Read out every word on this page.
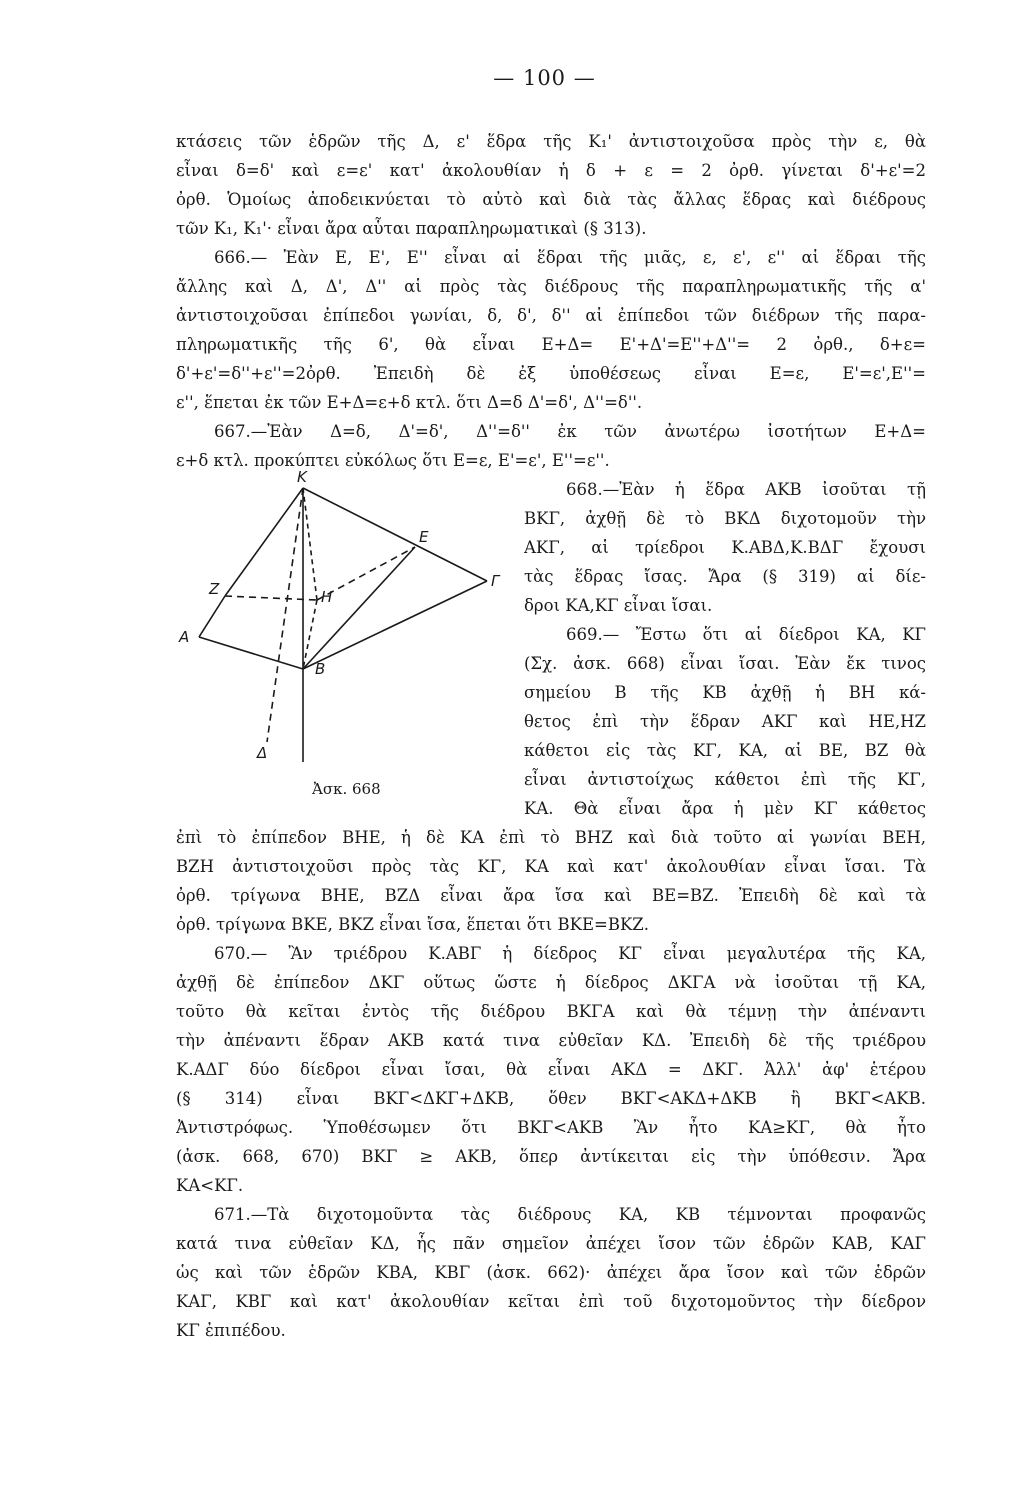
— 100 —
κτάσεις τῶν ἑδρῶν τῆς Δ, ε' ἕδρα τῆς Κ₁' ἀντιστοιχοῦσα πρὸς τὴν ε, θὰ
εἶναι δ=δ' καὶ ε=ε' κατ' ἀκολουθίαν ἡ δ + ε = 2 ὀρθ. γίνεται δ'+ε'=2
ὀρθ. Ὁμοίως ἀποδεικνύεται τὸ αὐτὸ καὶ διὰ τὰς ἄλλας ἕδρας καὶ διέδρους
τῶν Κ₁, Κ₁'· εἶναι ἄρα αὗται παραπληρωματικαὶ (§ 313).
666.— Ἐὰν Ε, Ε', Ε'' εἶναι αἱ ἕδραι τῆς μιᾶς, ε, ε', ε'' αἱ ἕδραι τῆς
ἄλλης καὶ Δ, Δ', Δ'' αἱ πρὸς τὰς διέδρους τῆς παραπληρωματικῆς τῆς α'
ἀντιστοιχοῦσαι ἐπίπεδοι γωνίαι, δ, δ', δ'' αἱ ἐπίπεδοι τῶν διέδρων τῆς παρα-
πληρωματικῆς τῆς 6', θὰ εἶναι Ε+Δ= Ε'+Δ'=Ε''+Δ''= 2 ὀρθ., δ+ε=
δ'+ε'=δ''+ε''=2ὀρθ. Ἐπειδὴ δὲ ἐξ ὑποθέσεως εἶναι Ε=ε, Ε'=ε',Ε''=
ε'', ἕπεται ἐκ τῶν Ε+Δ=ε+δ κτλ. ὅτι Δ=δ Δ'=δ', Δ''=δ''.
667.—Ἐὰν Δ=δ, Δ'=δ', Δ''=δ'' ἐκ τῶν ἀνωτέρω ἰσοτήτων Ε+Δ=
ε+δ κτλ. προκύπτει εὐκόλως ὅτι Ε=ε, Ε'=ε', Ε''=ε''.
668.—Ἐὰν ἡ ἕδρα ΑΚΒ ἰσοῦται τῇ
ΒΚΓ, ἀχθῇ δὲ τὸ ΒΚΔ διχοτομοῦν τὴν
ΑΚΓ, αἱ τρίεδροι Κ.ΑΒΔ,Κ.ΒΔΓ ἔχουσι
τὰς ἕδρας ἴσας. Ἄρα (§ 319) αἱ δίε-
δροι ΚΑ,ΚΓ εἶναι ἴσαι.
669.— Ἔστω ὅτι αἱ δίεδροι ΚΑ, ΚΓ
(Σχ. ἀσκ. 668) εἶναι ἴσαι. Ἐὰν ἔκ τινος
σημείου Β τῆς ΚΒ ἀχθῇ ἡ ΒΗ κά-
θετος ἐπὶ τὴν ἕδραν ΑΚΓ καὶ ΗΕ,ΗΖ
κάθετοι εἰς τὰς ΚΓ, ΚΑ, αἱ ΒΕ, ΒΖ θὰ
εἶναι ἀντιστοίχως κάθετοι ἐπὶ τῆς ΚΓ,
ΚΑ. Θὰ εἶναι ἄρα ἡ μὲν ΚΓ κάθετος
K
E
Γ
Z	H
A
B
Δ
Ἀσκ. 668
ἐπὶ τὸ ἐπίπεδον ΒΗΕ, ἡ δὲ ΚΑ ἐπὶ τὸ ΒΗΖ καὶ διὰ τοῦτο αἱ γωνίαι ΒΕΗ,
ΒΖΗ ἀντιστοιχοῦσι πρὸς τὰς ΚΓ, ΚΑ καὶ κατ' ἀκολουθίαν εἶναι ἴσαι. Τὰ
ὀρθ. τρίγωνα ΒΗΕ, ΒΖΔ εἶναι ἄρα ἴσα καὶ ΒΕ=ΒΖ. Ἐπειδὴ δὲ καὶ τὰ
ὀρθ. τρίγωνα ΒΚΕ, ΒΚΖ εἶναι ἴσα, ἕπεται ὅτι ΒΚΕ=ΒΚΖ.
670.— Ἂν τριέδρου Κ.ΑΒΓ ἡ δίεδρος ΚΓ εἶναι μεγαλυτέρα τῆς ΚΑ,
ἀχθῇ δὲ ἐπίπεδον ΔΚΓ οὕτως ὥστε ἡ δίεδρος ΔΚΓΑ νὰ ἰσοῦται τῇ ΚΑ,
τοῦτο θὰ κεῖται ἐντὸς τῆς διέδρου ΒΚΓΑ καὶ θὰ τέμνῃ τὴν ἀπέναντι
τὴν ἀπέναντι ἕδραν ΑΚΒ κατά τινα εὐθεῖαν ΚΔ. Ἐπειδὴ δὲ τῆς τριέδρου
Κ.ΑΔΓ δύο δίεδροι εἶναι ἴσαι, θὰ εἶναι ΑΚΔ = ΔΚΓ. Ἀλλ' ἀφ' ἑτέρου
(§ 314) εἶναι ΒΚΓ<ΔΚΓ+ΔΚΒ, ὅθεν ΒΚΓ<ΑΚΔ+ΔΚΒ ἢ ΒΚΓ<ΑΚΒ.
Ἀντιστρόφως. Ὑποθέσωμεν ὅτι ΒΚΓ<ΑΚΒ Ἂν ἦτο ΚΑ≥ΚΓ, θὰ ἦτο
(ἀσκ. 668, 670) ΒΚΓ ≥ ΑΚΒ, ὅπερ ἀντίκειται εἰς τὴν ὑπόθεσιν. Ἄρα
ΚΑ<ΚΓ.
671.—Τὰ διχοτομοῦντα τὰς διέδρους ΚΑ, ΚΒ τέμνονται προφανῶς
κατά τινα εὐθεῖαν ΚΔ, ἧς πᾶν σημεῖον ἀπέχει ἴσον τῶν ἑδρῶν ΚΑΒ, ΚΑΓ
ὡς καὶ τῶν ἑδρῶν ΚΒΑ, ΚΒΓ (ἀσκ. 662)· ἀπέχει ἄρα ἴσον καὶ τῶν ἑδρῶν
ΚΑΓ, ΚΒΓ καὶ κατ' ἀκολουθίαν κεῖται ἐπὶ τοῦ διχοτομοῦντος τὴν δίεδρον
ΚΓ ἐπιπέδου.
